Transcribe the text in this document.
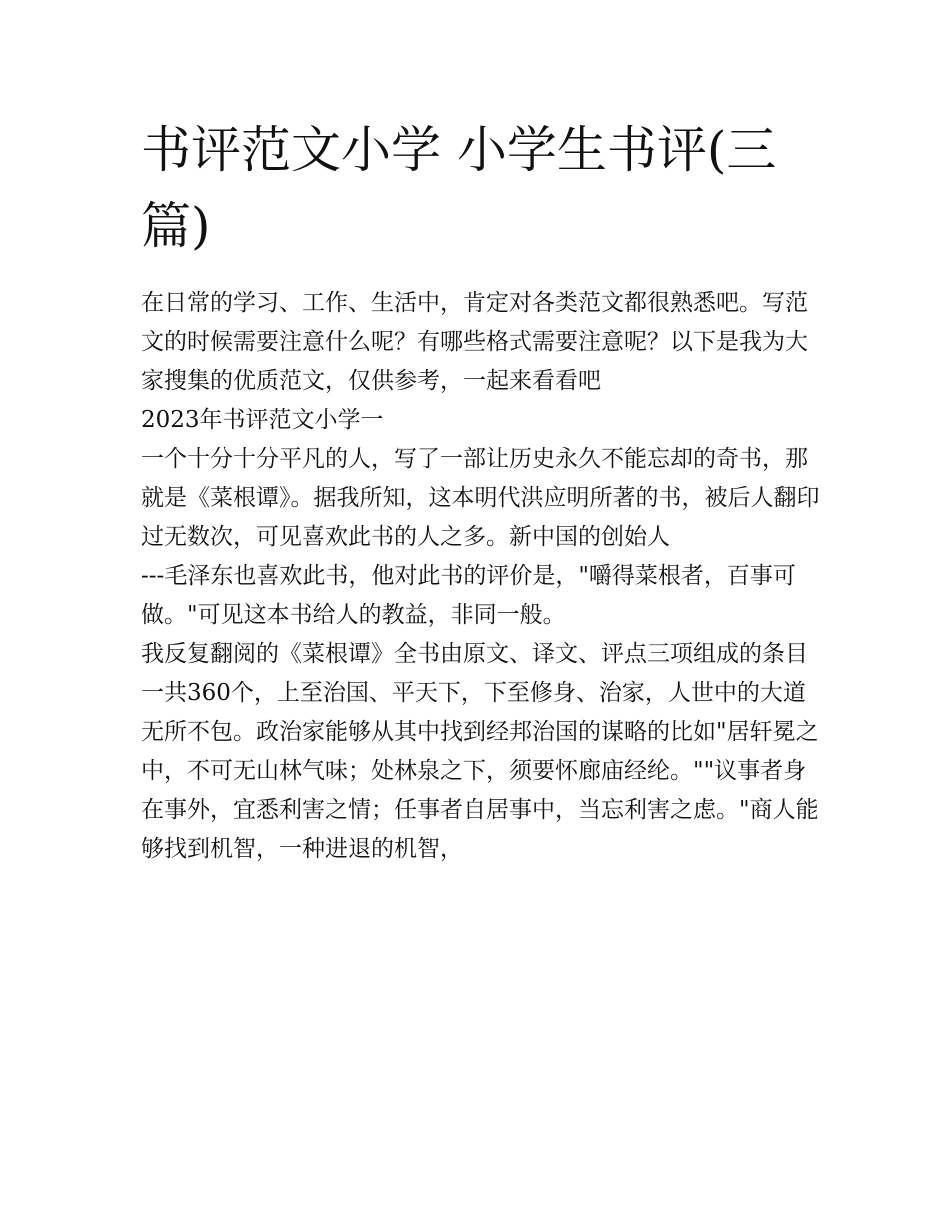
书评范文小学 小学生书评(三篇)

在日常的学习、工作、生活中，肯定对各类范文都很熟悉吧。写范文的时候需要注意什么呢？有哪些格式需要注意呢？以下是我为大家搜集的优质范文，仅供参考，一起来看看吧

2023年书评范文小学一

一个十分十分平凡的人，写了一部让历史永久不能忘却的奇书，那就是《菜根谭》。据我所知，这本明代洪应明所著的书，被后人翻印过无数次，可见喜欢此书的人之多。新中国的创始人

---毛泽东也喜欢此书，他对此书的评价是，"嚼得菜根者，百事可做。"可见这本书给人的教益，非同一般。

我反复翻阅的《菜根谭》全书由原文、译文、评点三项组成的条目一共360个，上至治国、平天下，下至修身、治家，人世中的大道无所不包。政治家能够从其中找到经邦治国的谋略的比如"居轩冕之中，不可无山林气味；处林泉之下，须要怀廊庙经纶。""议事者身在事外，宜悉利害之情；任事者自居事中，当忘利害之虑。"商人能够找到机智，一种进退的机智，
